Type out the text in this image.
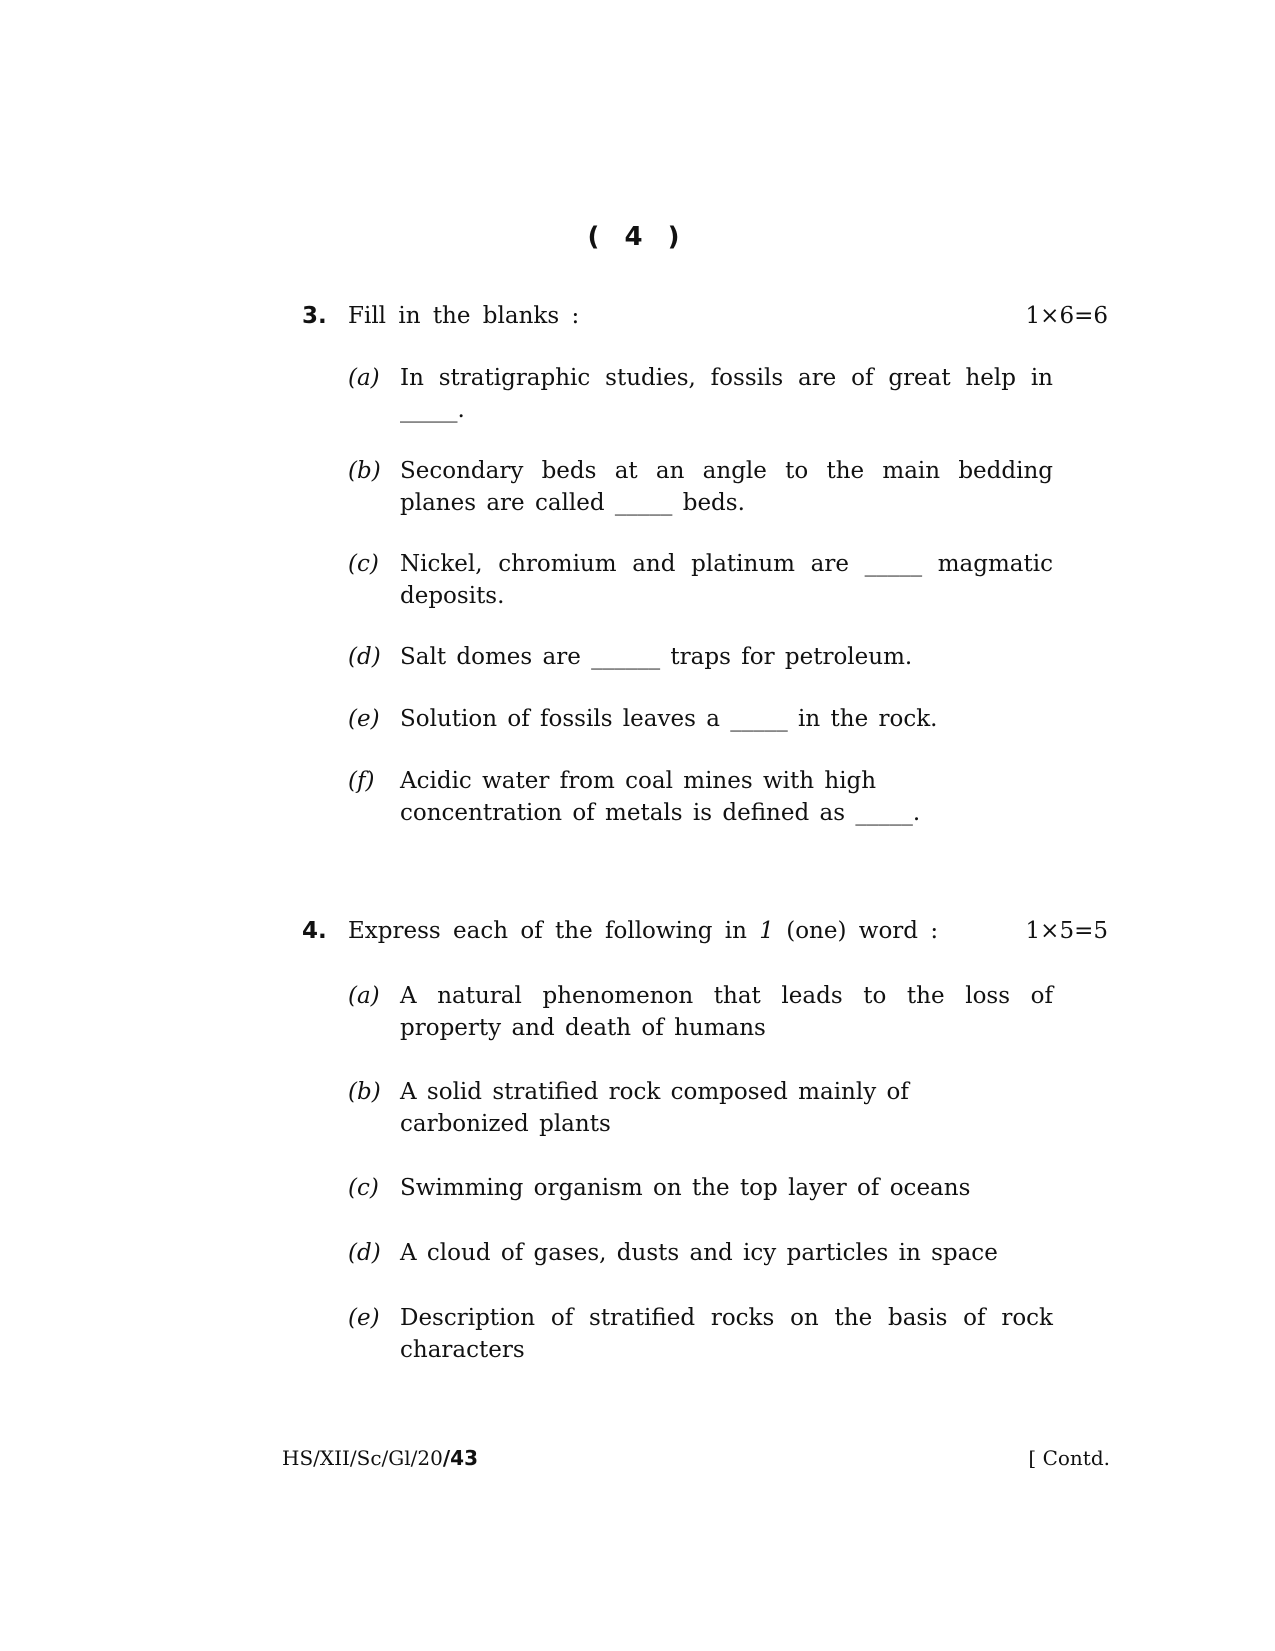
( 4 )
3. Fill in the blanks :	1×6=6
(a) In stratigraphic studies, fossils are of great help in _____.
(b) Secondary beds at an angle to the main bedding planes are called _____ beds.
(c) Nickel, chromium and platinum are _____ magmatic deposits.
(d) Salt domes are ______ traps for petroleum.
(e) Solution of fossils leaves a _____ in the rock.
(f) Acidic water from coal mines with high
concentration of metals is defined as _____.
4. Express each of the following in 1 (one) word :	1×5=5
(a) A natural phenomenon that leads to the loss of property and death of humans
(b) A solid stratified rock composed mainly of
carbonized plants
(c) Swimming organism on the top layer of oceans
(d) A cloud of gases, dusts and icy particles in space
(e) Description of stratified rocks on the basis of rock characters
HS/XII/Sc/Gl/20/43	[ Contd.
